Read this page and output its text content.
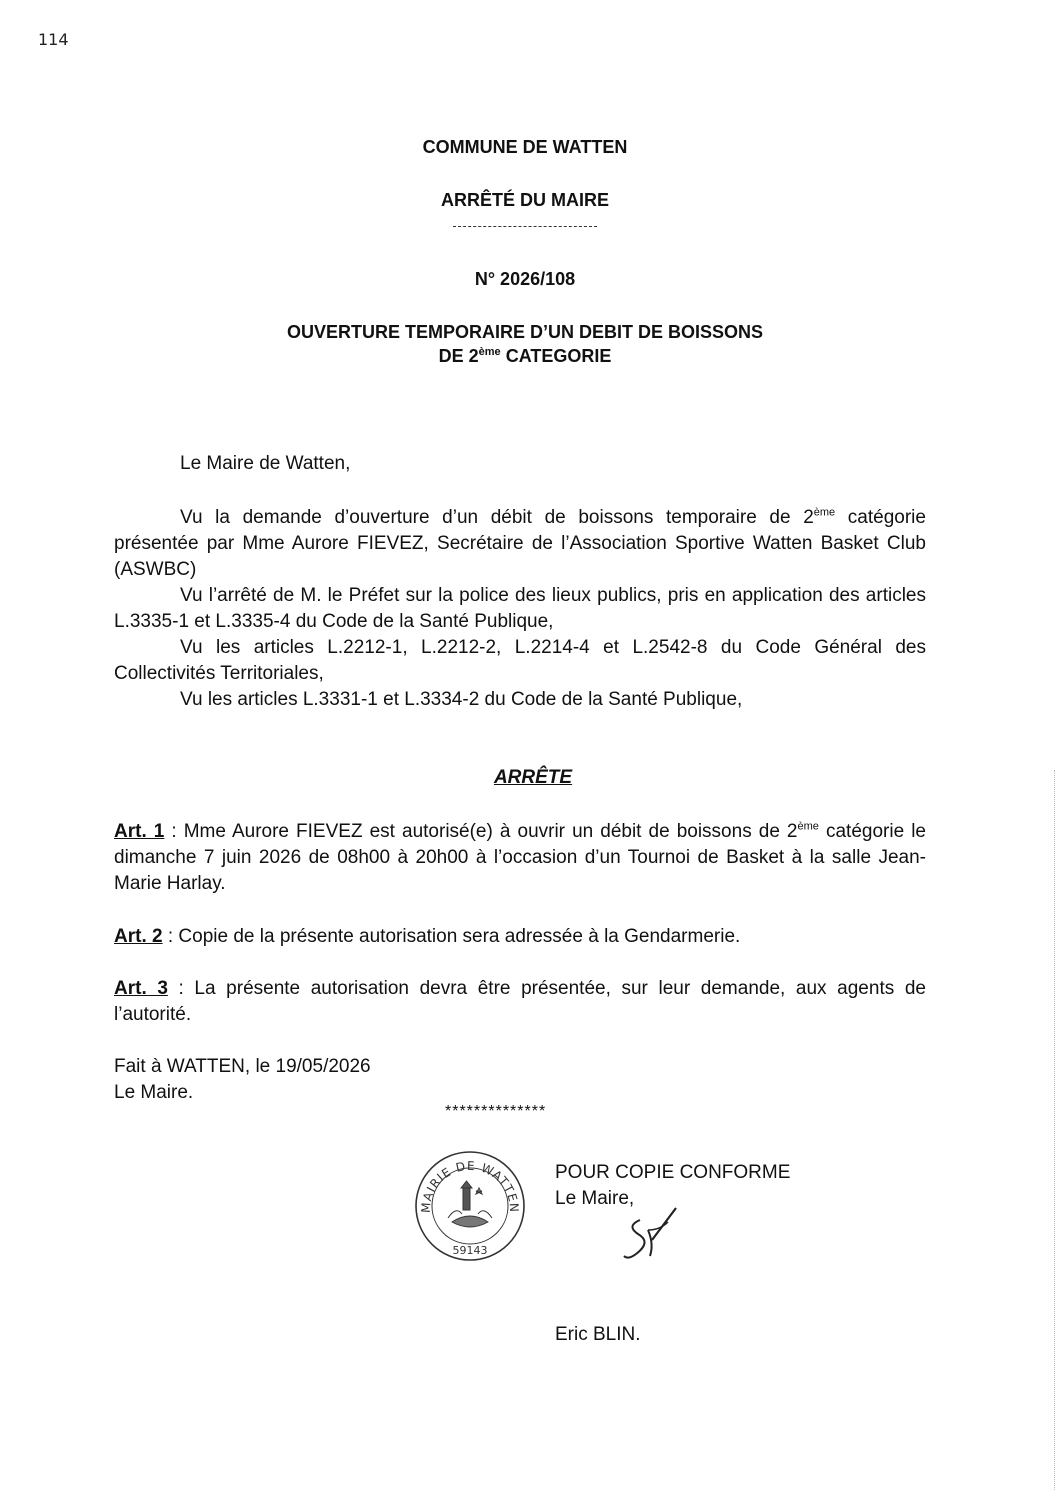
114
COMMUNE DE WATTEN
ARRÊTÉ DU MAIRE
N° 2026/108
OUVERTURE TEMPORAIRE D’UN DEBIT DE BOISSONS
DE 2ème CATEGORIE
Le Maire de Watten,
Vu la demande d’ouverture d’un débit de boissons temporaire de 2ème catégorie présentée par Mme Aurore FIEVEZ, Secrétaire de l’Association Sportive Watten Basket Club (ASWBC)
Vu l’arrêté de M. le Préfet sur la police des lieux publics, pris en application des articles L.3335-1 et L.3335-4 du Code de la Santé Publique,
Vu les articles L.2212-1, L.2212-2, L.2214-4 et L.2542-8 du Code Général des Collectivités Territoriales,
Vu les articles L.3331-1 et L.3334-2 du Code de la Santé Publique,
ARRÊTE
Art. 1 : Mme Aurore FIEVEZ est autorisé(e) à ouvrir un débit de boissons de 2ème catégorie le dimanche 7 juin 2026 de 08h00 à 20h00 à l’occasion d’un Tournoi de Basket à la salle Jean-Marie Harlay.
Art. 2 : Copie de la présente autorisation sera adressée à la Gendarmerie.
Art. 3 : La présente autorisation devra être présentée, sur leur demande, aux agents de l’autorité.
Fait à WATTEN, le 19/05/2026
Le Maire.
**************
POUR COPIE CONFORME
Le Maire,
MAIRIE DE WATTEN
59143
Eric BLIN.
